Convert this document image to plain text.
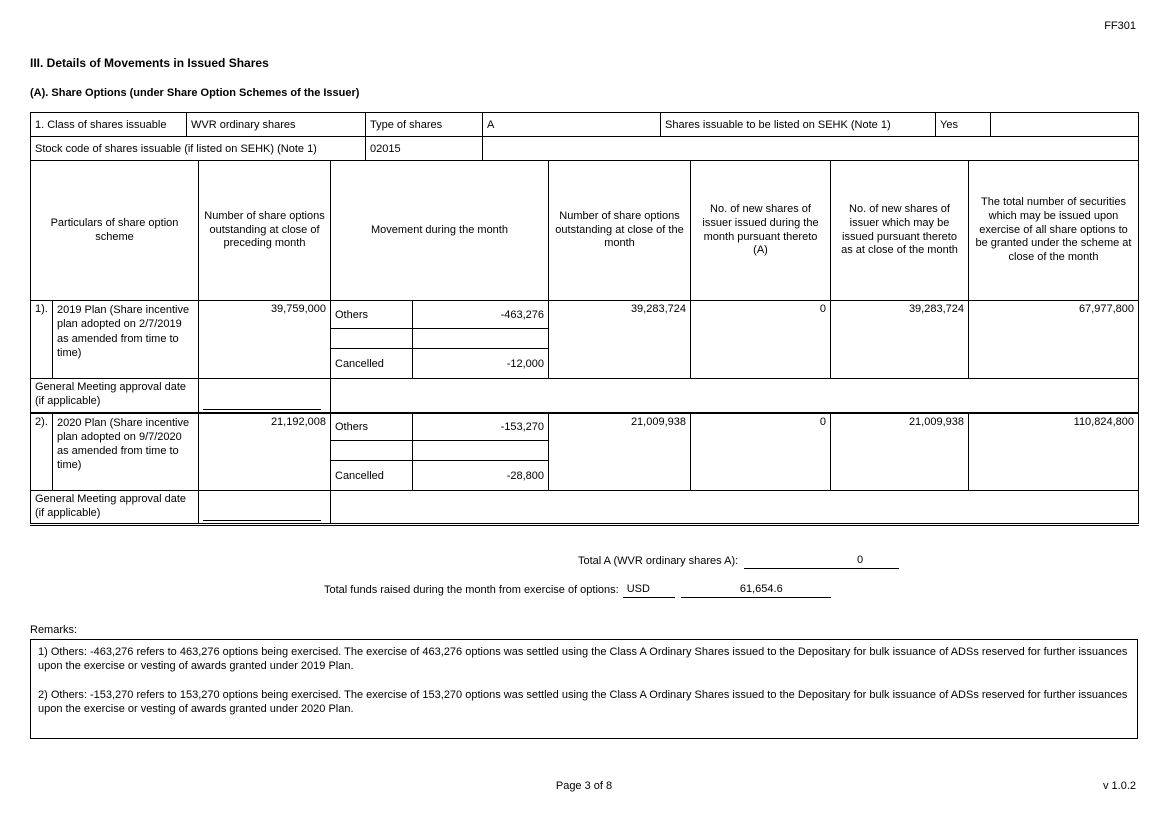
FF301
III. Details of Movements in Issued Shares
(A). Share Options (under Share Option Schemes of the Issuer)
1. Class of shares issuable	WVR ordinary shares	Type of shares	A	Shares issuable to be listed on SEHK (Note 1)	Yes	
Stock code of shares issuable (if listed on SEHK) (Note 1)		02015				
Particulars of share option scheme		Number of share options outstanding at close of preceding month	Movement during the month		Number of share options outstanding at close of the month	No. of new shares of issuer issued during the month pursuant thereto (A)	No. of new shares of issuer which may be issued pursuant thereto as at close of the month	The total number of securities which may be issued upon exercise of all share options to be granted under the scheme at close of the month
1).	2019 Plan (Share incentive plan adopted on 2/7/2019 as amended from time to time)	39,759,000	Others	-463,276	39,283,724	0	39,283,724	67,977,800

			Cancelled	-12,000				
General Meeting approval date (if applicable)							

2).	2020 Plan (Share incentive plan adopted on 9/7/2020 as amended from time to time)	21,192,008	Others	-153,270	21,009,938	0	21,009,938	110,824,800

			Cancelled	-28,800				
General Meeting approval date (if applicable)							

Total A (WVR ordinary shares A):	0
Total funds raised during the month from exercise of options: USD	61,654.6
Remarks:

1) Others: -463,276 refers to 463,276 options being exercised. The exercise of 463,276 options was settled using the Class A Ordinary Shares issued to the Depositary for bulk issuance of ADSs reserved for further issuances upon the exercise or vesting of awards granted under 2019 Plan.

2) Others: -153,270 refers to 153,270 options being exercised. The exercise of 153,270 options was settled using the Class A Ordinary Shares issued to the Depositary for bulk issuance of ADSs reserved for further issuances upon the exercise or vesting of awards granted under 2020 Plan.

Page 3 of 8	v 1.0.2
